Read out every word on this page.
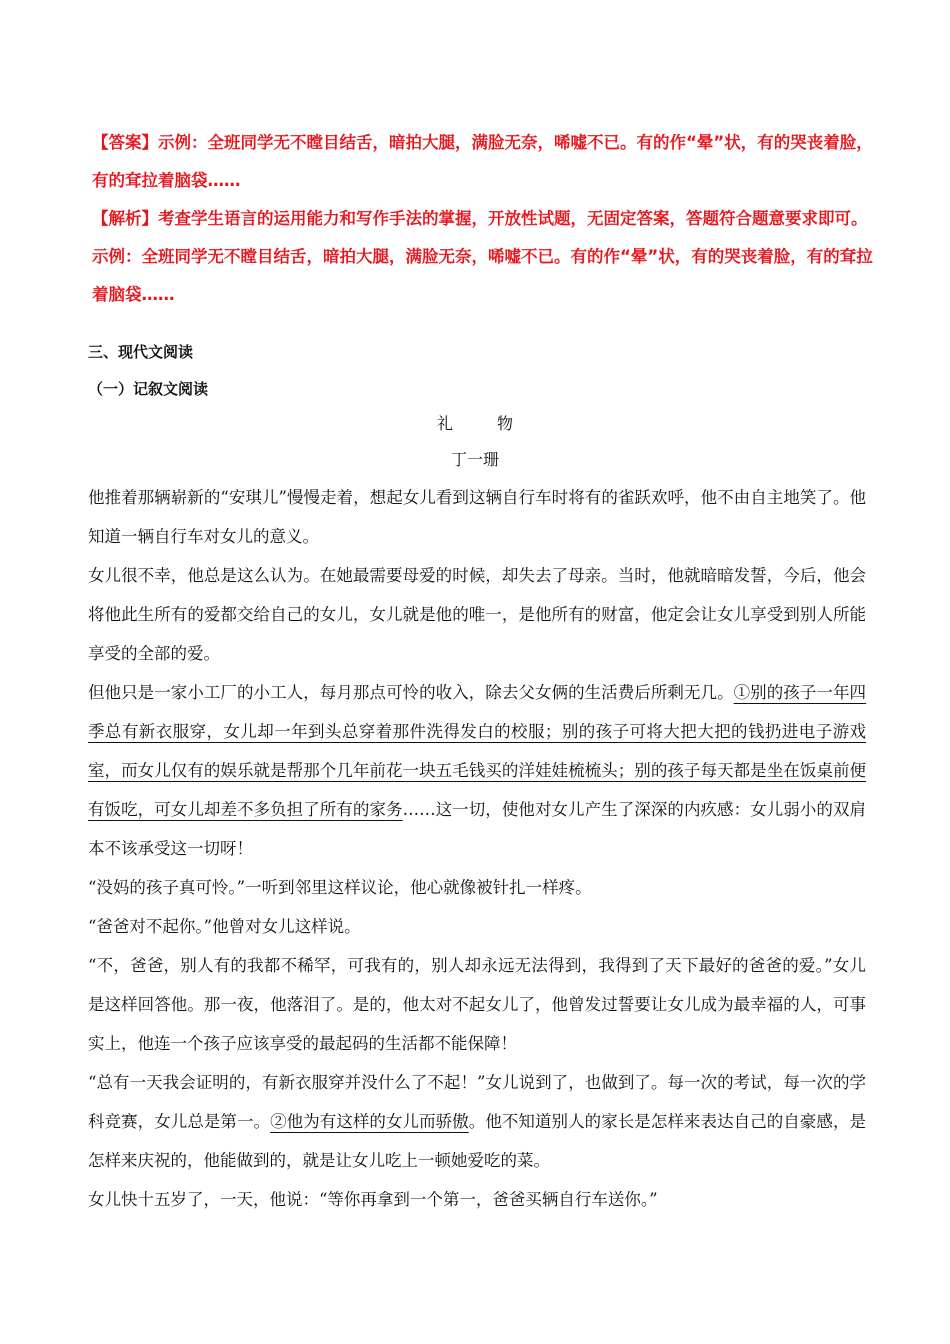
【答案】示例：全班同学无不瞠目结舌，暗拍大腿，满脸无奈，唏嘘不已。有的作“晕”状，有的哭丧着脸，有的耷拉着脑袋……

【解析】考查学生语言的运用能力和写作手法的掌握，开放性试题，无固定答案，答题符合题意要求即可。示例：全班同学无不瞠目结舌，暗拍大腿，满脸无奈，唏嘘不已。有的作“晕”状，有的哭丧着脸，有的耷拉着脑袋……

三、现代文阅读
（一）记叙文阅读
礼物
丁一珊

他推着那辆崭新的“安琪儿”慢慢走着，想起女儿看到这辆自行车时将有的雀跃欢呼，他不由自主地笑了。他知道一辆自行车对女儿的意义。

女儿很不幸，他总是这么认为。在她最需要母爱的时候，却失去了母亲。当时，他就暗暗发誓，今后，他会将他此生所有的爱都交给自己的女儿，女儿就是他的唯一，是他所有的财富，他定会让女儿享受到别人所能享受的全部的爱。

但他只是一家小工厂的小工人，每月那点可怜的收入，除去父女俩的生活费后所剩无几。①别的孩子一年四季总有新衣服穿，女儿却一年到头总穿着那件洗得发白的校服；别的孩子可将大把大把的钱扔进电子游戏室，而女儿仅有的娱乐就是帮那个几年前花一块五毛钱买的洋娃娃梳梳头；别的孩子每天都是坐在饭桌前便有饭吃，可女儿却差不多负担了所有的家务……这一切，使他对女儿产生了深深的内疚感：女儿弱小的双肩本不该承受这一切呀！

“没妈的孩子真可怜。”一听到邻里这样议论，他心就像被针扎一样疼。

“爸爸对不起你。”他曾对女儿这样说。

“不，爸爸，别人有的我都不稀罕，可我有的，别人却永远无法得到，我得到了天下最好的爸爸的爱。”女儿是这样回答他。那一夜，他落泪了。是的，他太对不起女儿了，他曾发过誓要让女儿成为最幸福的人，可事实上，他连一个孩子应该享受的最起码的生活都不能保障！

“总有一天我会证明的，有新衣服穿并没什么了不起！”女儿说到了，也做到了。每一次的考试，每一次的学科竞赛，女儿总是第一。②他为有这样的女儿而骄傲。他不知道别人的家长是怎样来表达自己的自豪感，是怎样来庆祝的，他能做到的，就是让女儿吃上一顿她爱吃的菜。

女儿快十五岁了，一天，他说：“等你再拿到一个第一，爸爸买辆自行车送你。”
